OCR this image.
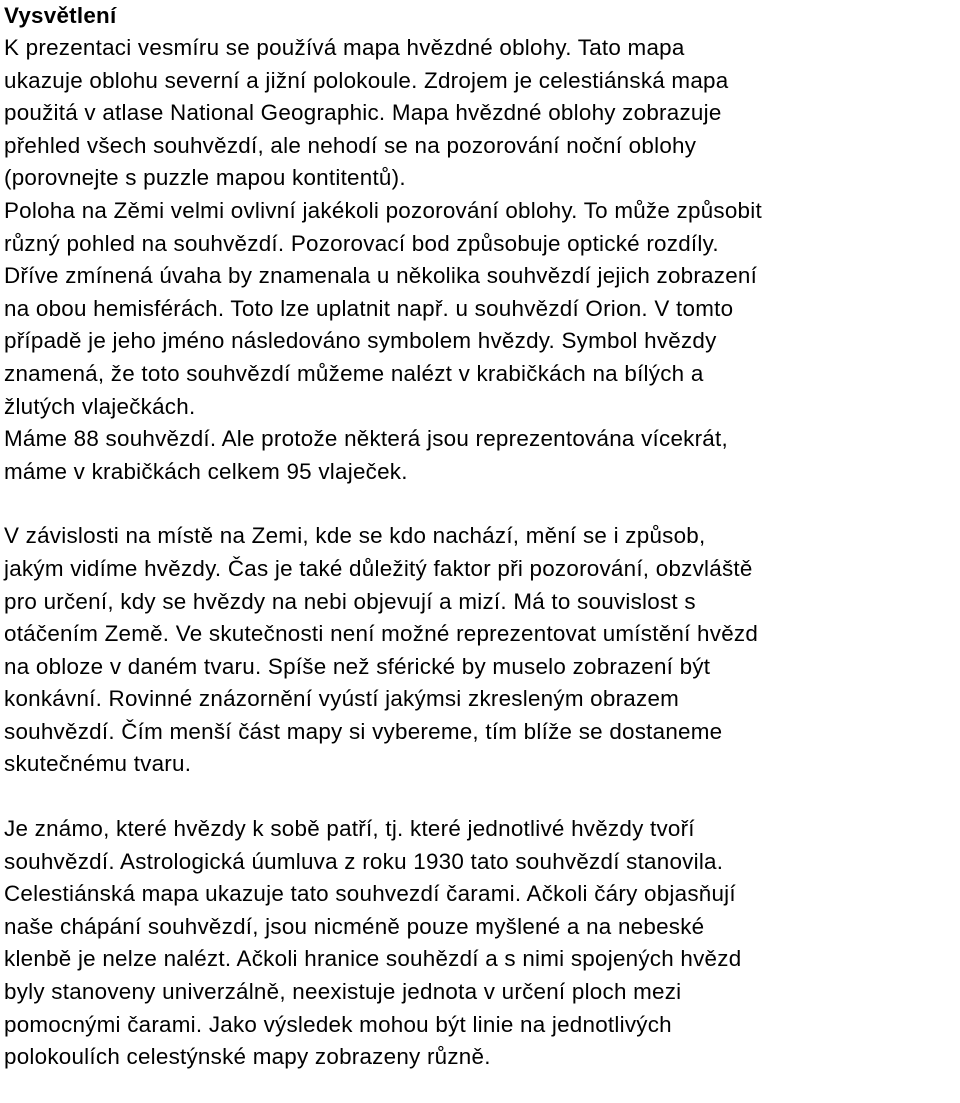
Vysvětlení

K prezentaci vesmíru se používá mapa hvězdné oblohy. Tato mapa
ukazuje oblohu severní a jižní polokoule. Zdrojem je celestiánská mapa
použitá v atlase National Geographic. Mapa hvězdné oblohy zobrazuje
přehled všech souhvězdí, ale nehodí se na pozorování noční oblohy
(porovnejte s puzzle mapou kontitentů).
Poloha na Zěmi velmi ovlivní jakékoli pozorování oblohy. To může způsobit
různý pohled na souhvězdí. Pozorovací bod způsobuje optické rozdíly.
Dříve zmínená úvaha by znamenala u několika souhvězdí jejich zobrazení
na obou hemisférách. Toto lze uplatnit např. u souhvězdí Orion. V tomto
případě je jeho jméno následováno symbolem hvězdy. Symbol hvězdy
znamená, že toto souhvězdí můžeme nalézt v krabičkách na bílých a
žlutých vlaječkách.
Máme 88 souhvězdí. Ale protože některá jsou reprezentována vícekrát,
máme v krabičkách celkem 95 vlaječek.

V závislosti na místě na Zemi, kde se kdo nachází, mění se i způsob,
jakým vidíme hvězdy. Čas je také důležitý faktor při pozorování, obzvláště
pro určení, kdy se hvězdy na nebi objevují a mizí. Má to souvislost s
otáčením Země. Ve skutečnosti není možné reprezentovat umístění hvězd
na obloze v daném tvaru. Spíše než sférické by muselo zobrazení být
konkávní. Rovinné znázornění vyústí jakýmsi zkresleným obrazem
souhvězdí. Čím menší část mapy si vybereme, tím blíže se dostaneme
skutečnému tvaru.

Je známo, které hvězdy k sobě patří, tj. které jednotlivé hvězdy tvoří
souhvězdí. Astrologická úumluva z roku 1930 tato souhvězdí stanovila.
Celestiánská mapa ukazuje tato souhvezdí čarami. Ačkoli čáry objasňují
naše chápání souhvězdí, jsou nicméně pouze myšlené a na nebeské
klenbě je nelze nalézt. Ačkoli hranice souhězdí a s nimi spojených hvězd
byly stanoveny univerzálně, neexistuje jednota v určení ploch mezi
pomocnými čarami. Jako výsledek mohou být linie na jednotlivých
polokoulích celestýnské mapy zobrazeny různě.
